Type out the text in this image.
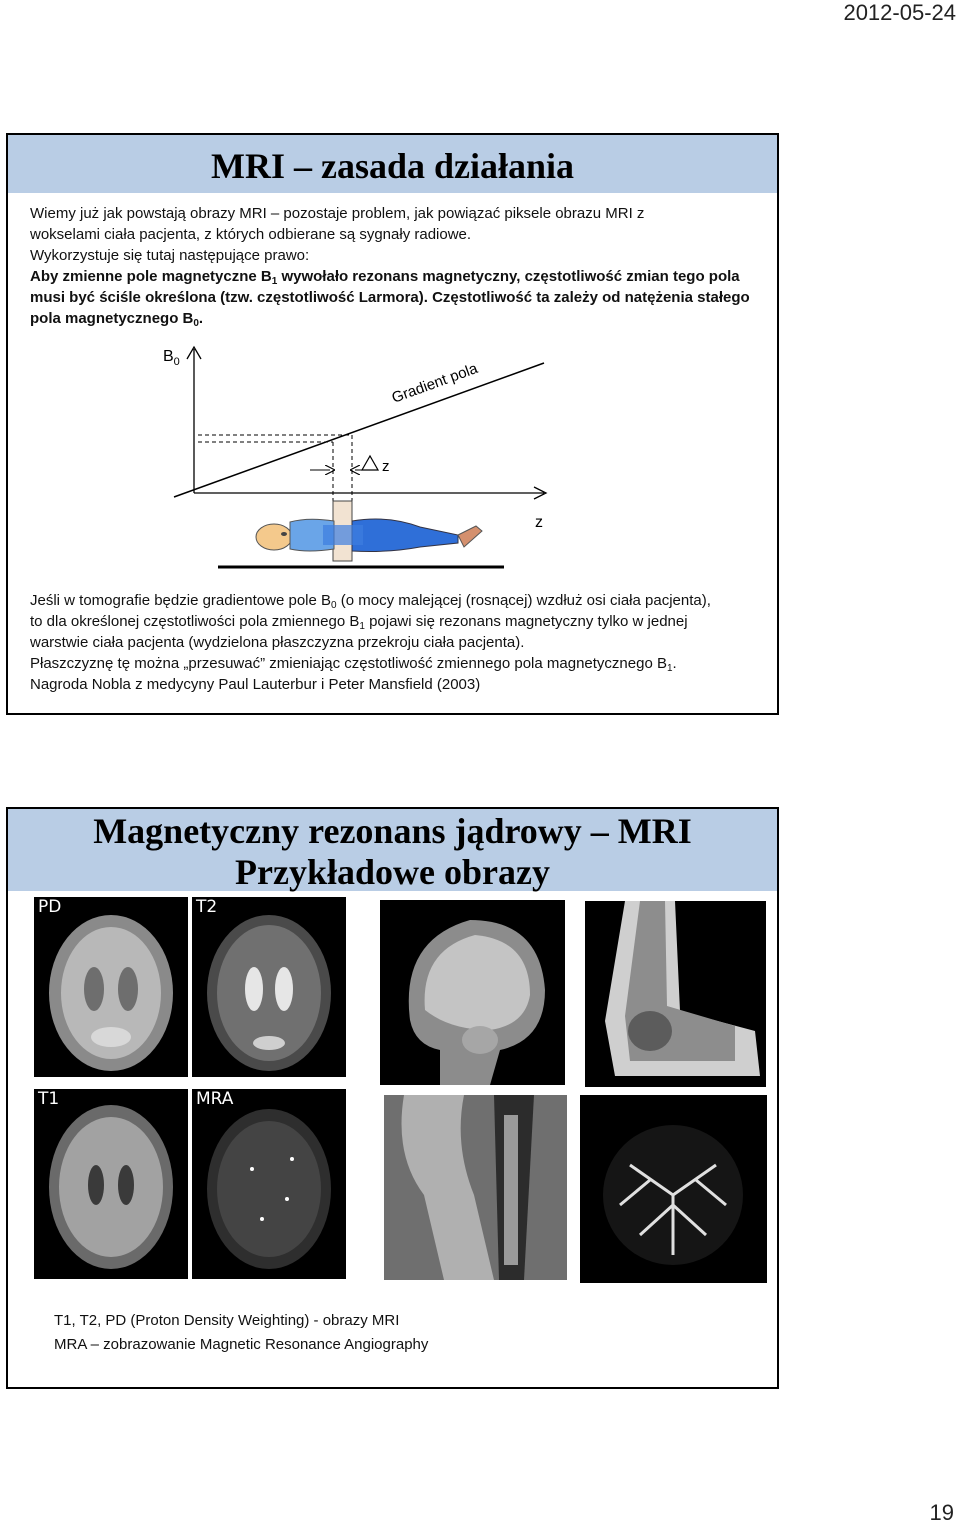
2012-05-24
MRI – zasada działania
Wiemy już jak powstają obrazy MRI – pozostaje problem, jak powiązać piksele obrazu MRI z
wokselami ciała pacjenta, z których odbierane są sygnały radiowe.
Wykorzystuje się tutaj następujące prawo:
Aby zmienne pole magnetyczne $B_1$ wywołało rezonans magnetyczny, częstotliwość zmian tego pola
musi być ściśle określona (tzw. częstotliwość Larmora). Częstotliwość ta zależy od natężenia stałego
pola magnetycznego $B_0$.
$B_0$
z
Gradient pola
z
Jeśli w tomografie będzie gradientowe pole $B_0$ (o mocy malejącej (rosnącej) wzdłuż osi ciała pacjenta),
to dla określonej częstotliwości pola zmiennego $B_1$ pojawi się rezonans magnetyczny tylko w jednej
warstwie ciała pacjenta (wydzielona płaszczyzna przekroju ciała pacjenta).
Płaszczyznę tę można „przesuwać” zmieniając częstotliwość zmiennego pola magnetycznego $B_1$.
Nagroda Nobla z medycyny Paul Lauterbur i Peter Mansfield (2003)
Magnetyczny rezonans jądrowy – MRI
Przykładowe obrazy
PD	T2
T1	MRA
T1, T2, PD (Proton Density Weighting) - obrazy MRI
MRA – zobrazowanie Magnetic Resonance Angiography
19
